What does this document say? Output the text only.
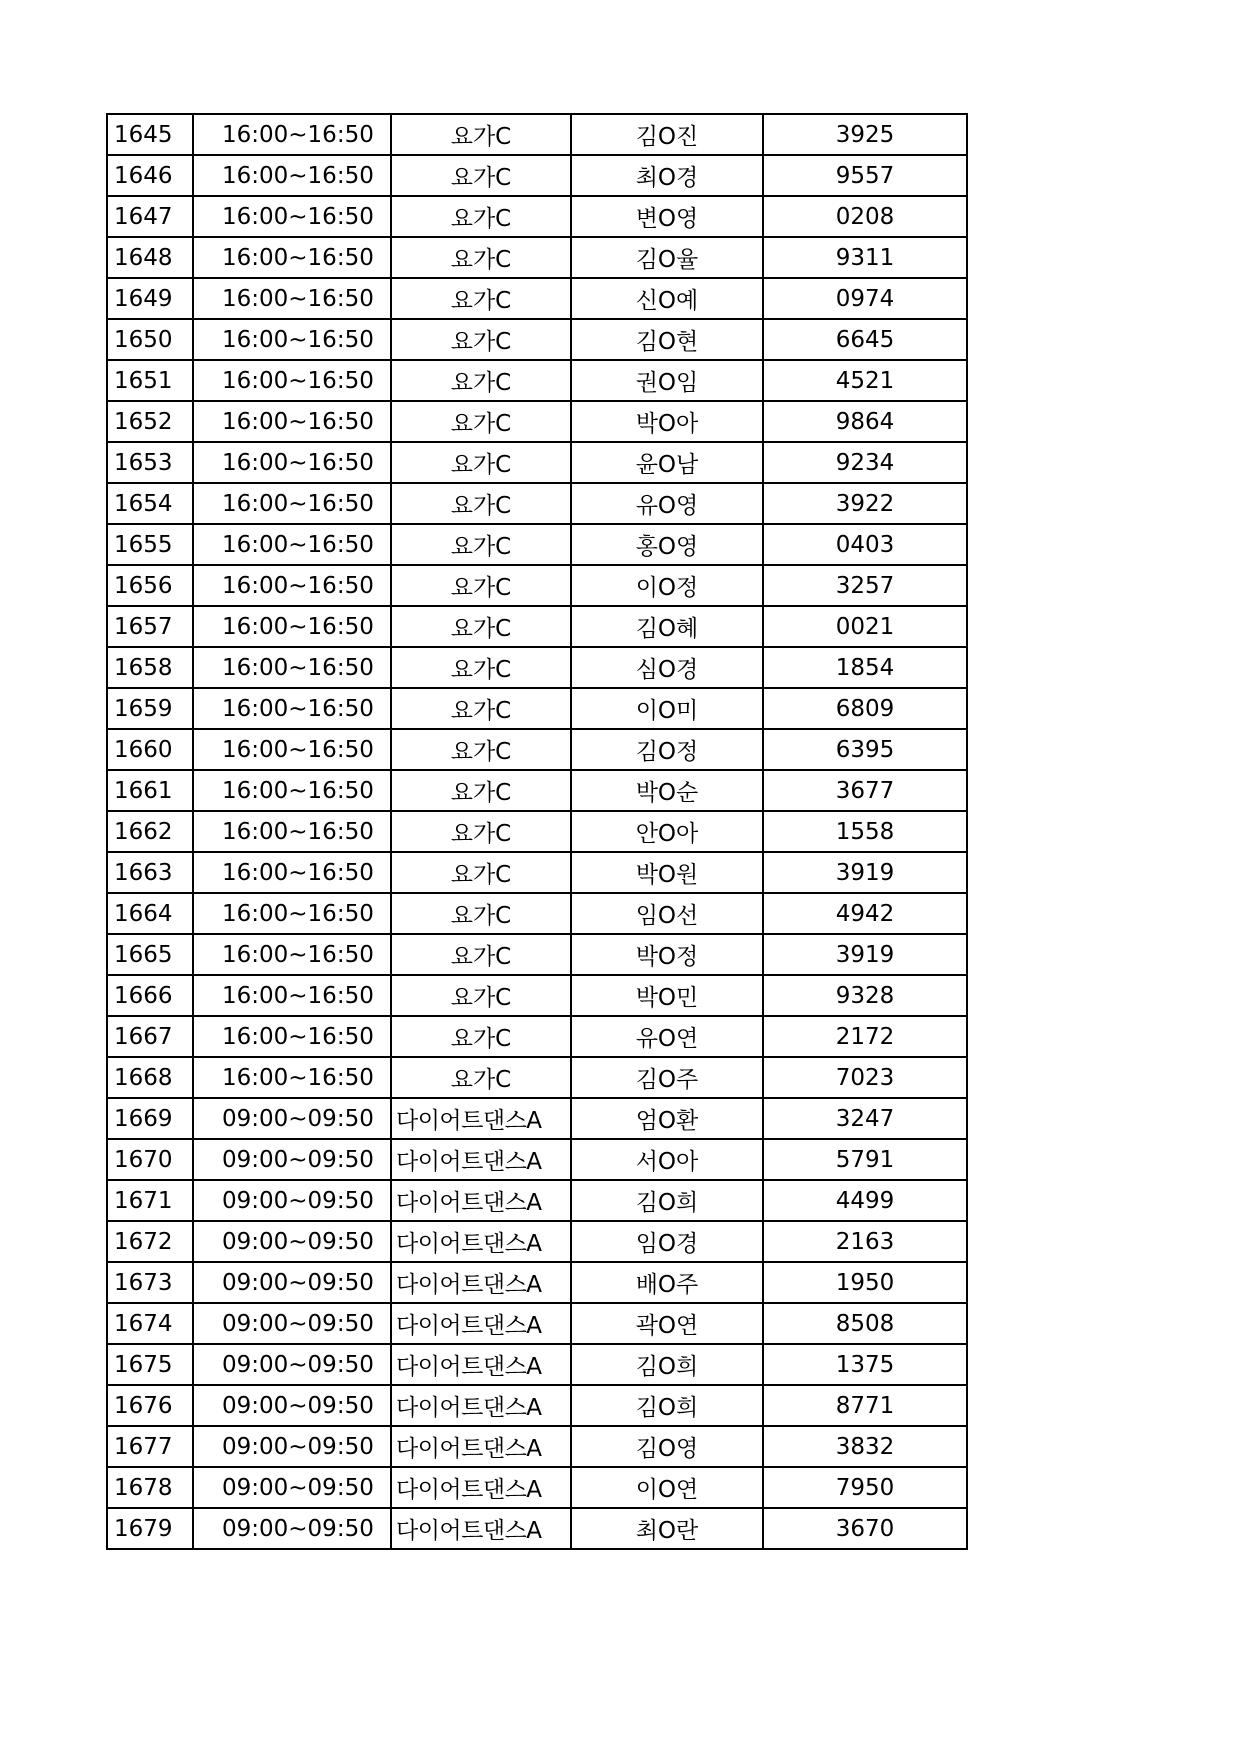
1645	16:00~16:50	요가C	김O진	3925
1646	16:00~16:50	요가C	최O경	9557
1647	16:00~16:50	요가C	변O영	0208
1648	16:00~16:50	요가C	김O율	9311
1649	16:00~16:50	요가C	신O예	0974
1650	16:00~16:50	요가C	김O현	6645
1651	16:00~16:50	요가C	권O임	4521
1652	16:00~16:50	요가C	박O아	9864
1653	16:00~16:50	요가C	윤O남	9234
1654	16:00~16:50	요가C	유O영	3922
1655	16:00~16:50	요가C	홍O영	0403
1656	16:00~16:50	요가C	이O정	3257
1657	16:00~16:50	요가C	김O혜	0021
1658	16:00~16:50	요가C	심O경	1854
1659	16:00~16:50	요가C	이O미	6809
1660	16:00~16:50	요가C	김O정	6395
1661	16:00~16:50	요가C	박O순	3677
1662	16:00~16:50	요가C	안O아	1558
1663	16:00~16:50	요가C	박O원	3919
1664	16:00~16:50	요가C	임O선	4942
1665	16:00~16:50	요가C	박O정	3919
1666	16:00~16:50	요가C	박O민	9328
1667	16:00~16:50	요가C	유O연	2172
1668	16:00~16:50	요가C	김O주	7023
1669	09:00~09:50	다이어트댄스A	엄O환	3247
1670	09:00~09:50	다이어트댄스A	서O아	5791
1671	09:00~09:50	다이어트댄스A	김O희	4499
1672	09:00~09:50	다이어트댄스A	임O경	2163
1673	09:00~09:50	다이어트댄스A	배O주	1950
1674	09:00~09:50	다이어트댄스A	곽O연	8508
1675	09:00~09:50	다이어트댄스A	김O희	1375
1676	09:00~09:50	다이어트댄스A	김O희	8771
1677	09:00~09:50	다이어트댄스A	김O영	3832
1678	09:00~09:50	다이어트댄스A	이O연	7950
1679	09:00~09:50	다이어트댄스A	최O란	3670
